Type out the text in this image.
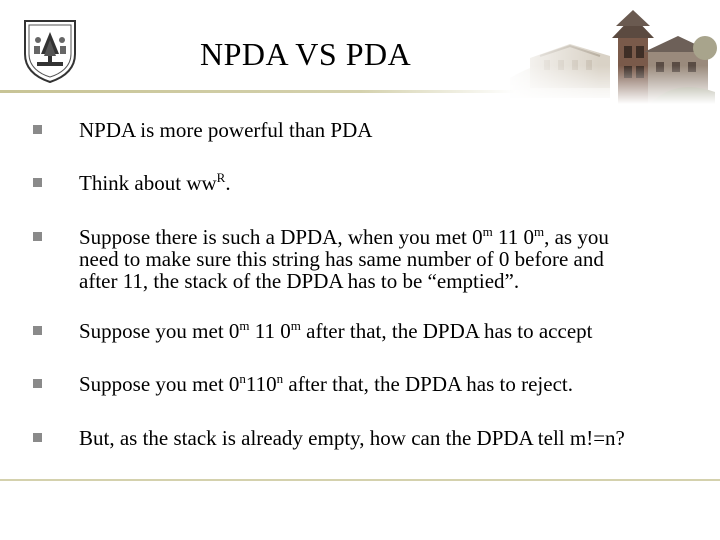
NPDA VS PDA
NPDA is more powerful than PDA
Think about $ww^R$.
Suppose there is such a DPDA, when you met 0$^m$ 11 0$^m$, as you
need to make sure this string has same number of 0 before and
after 11, the stack of the DPDA has to be “emptied”.
Suppose you met 0$^m$ 11 0$^m$ after that, the DPDA has to accept
Suppose you met 0$^n$110$^n$ after that, the DPDA has to reject.
But, as the stack is already empty, how can the DPDA tell m!=n?
